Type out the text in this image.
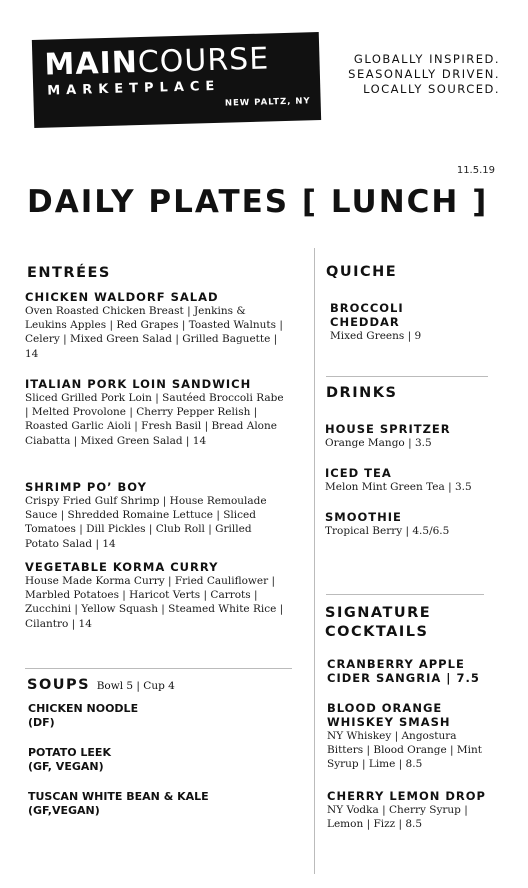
MAINCOURSE
MARKETPLACE
NEW PALTZ, NY
GLOBALLY INSPIRED.
SEASONALLY DRIVEN.
LOCALLY SOURCED.
11.5.19
DAILY PLATES [ LUNCH ]
ENTRÉES
CHICKEN WALDORF SALAD
Oven Roasted Chicken Breast | Jenkins & Leukins Apples | Red Grapes | Toasted Walnuts | Celery | Mixed Green Salad | Grilled Baguette | 14
ITALIAN PORK LOIN SANDWICH
Sliced Grilled Pork Loin | Sautéed Broccoli Rabe | Melted Provolone | Cherry Pepper Relish | Roasted Garlic Aioli | Fresh Basil | Bread Alone Ciabatta | Mixed Green Salad | 14
SHRIMP PO’ BOY
Crispy Fried Gulf Shrimp | House Remoulade Sauce | Shredded Romaine Lettuce | Sliced Tomatoes | Dill Pickles | Club Roll | Grilled Potato Salad | 14
VEGETABLE KORMA CURRY
House Made Korma Curry | Fried Cauliflower | Marbled Potatoes | Haricot Verts | Carrots | Zucchini | Yellow Squash | Steamed White Rice | Cilantro | 14
SOUPS Bowl 5 | Cup 4
CHICKEN NOODLE
(DF)
POTATO LEEK
(GF, VEGAN)
TUSCAN WHITE BEAN & KALE
(GF,VEGAN)
QUICHE
BROCCOLI
CHEDDAR
Mixed Greens | 9
DRINKS
HOUSE SPRITZER
Orange Mango | 3.5
ICED TEA
Melon Mint Green Tea | 3.5
SMOOTHIE
Tropical Berry | 4.5/6.5
SIGNATURE
COCKTAILS
CRANBERRY APPLE
CIDER SANGRIA | 7.5
BLOOD ORANGE
WHISKEY SMASH
NY Whiskey | Angostura Bitters | Blood Orange | Mint Syrup | Lime | 8.5
CHERRY LEMON DROP
NY Vodka | Cherry Syrup | Lemon | Fizz | 8.5
